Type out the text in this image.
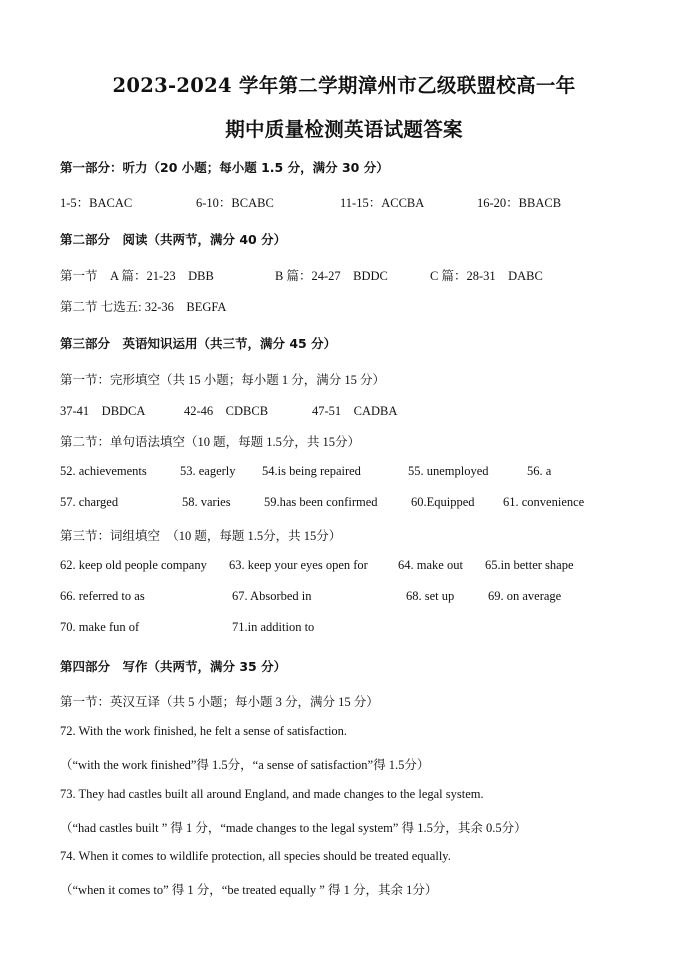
2023-2024 学年第二学期漳州市乙级联盟校高一年
期中质量检测英语试题答案
第一部分：听力（20 小题；每小题 1.5 分，满分 30 分）
1-5：BACAC	6-10：BCABC	11-15：ACCBA	16-20：BBACB
第二部分　阅读（共两节，满分 40 分）
第一节　A 篇：21-23　DBB	B 篇：24-27　BDDC	C 篇：28-31　DABC
第二节 七选五: 32-36　BEGFA
第三部分　英语知识运用（共三节，满分 45 分）
第一节：完形填空（共 15 小题；每小题 1 分，满分 15 分）
37-41　DBDCA	42-46　CDBCB	47-51　CADBA
第二节：单句语法填空（10 题，每题 1.5分，共 15分）
52. achievements	53. eagerly 54.is being repaired	55. unemployed	56. a
57. charged	58. varies	59.has been confirmed	60.Equipped 61. convenience
第三节：词组填空　（10 题，每题 1.5分，共 15分）
62. keep old people company 63. keep your eyes open for 64. make out 65.in better shape
66. referred to as	67. Absorbed in	68. set up	69. on average
70. make fun of	71.in addition to
第四部分　写作（共两节，满分 35 分）
第一节：英汉互译（共 5 小题；每小题 3 分，满分 15 分）
72. With the work finished, he felt a sense of satisfaction.
（“with the work finished”得 1.5分，“a sense of satisfaction”得 1.5分）
73. They had castles built all around England, and made changes to the legal system.
（“had castles built ” 得 1 分，“made changes to the legal system” 得 1.5分，其余 0.5分）
74. When it comes to wildlife protection, all species should be treated equally.
（“when it comes to” 得 1 分，“be treated equally ” 得 1 分，其余 1分）
